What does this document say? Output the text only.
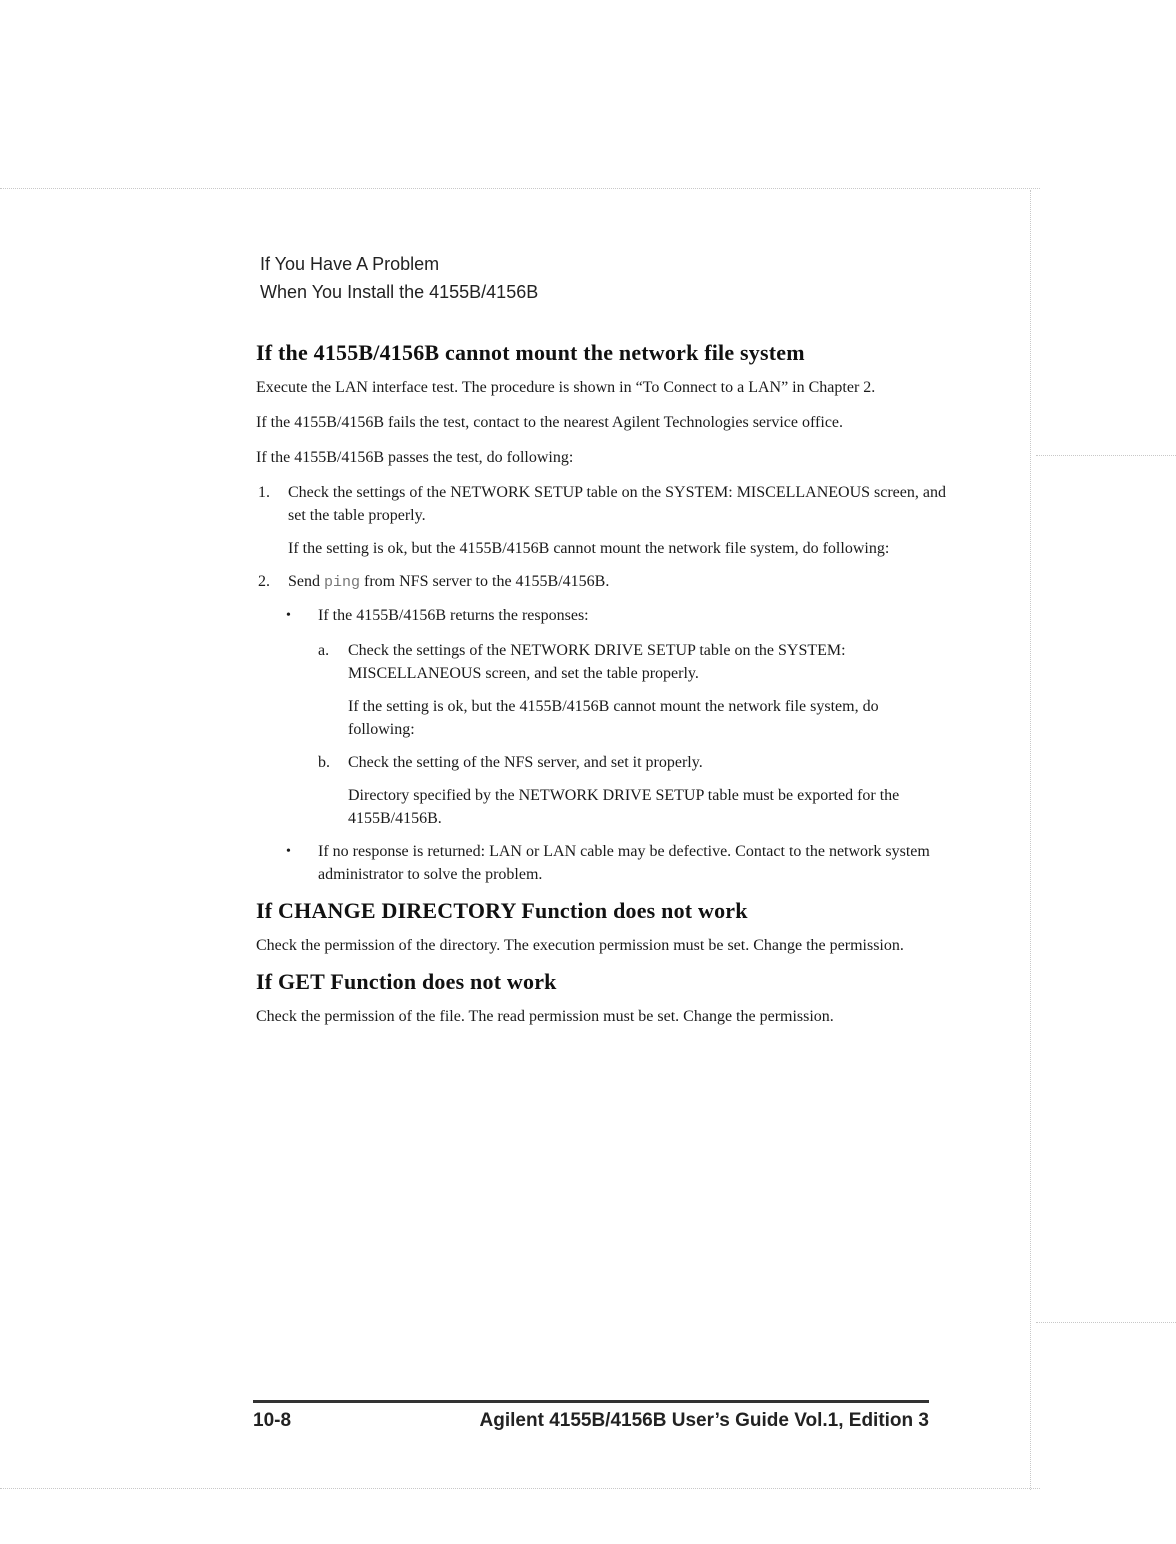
If You Have A Problem
When You Install the 4155B/4156B
If the 4155B/4156B cannot mount the network file system

Execute the LAN interface test. The procedure is shown in “To Connect to a LAN” in Chapter 2.

If the 4155B/4156B fails the test, contact to the nearest Agilent Technologies service office.

If the 4155B/4156B passes the test, do following:

1. Check the settings of the NETWORK SETUP table on the SYSTEM: MISCELLANEOUS screen, and set the table properly.

If the setting is ok, but the 4155B/4156B cannot mount the network file system, do following:

2. Send ping from NFS server to the 4155B/4156B.

• If the 4155B/4156B returns the responses:

a. Check the settings of the NETWORK DRIVE SETUP table on the SYSTEM: MISCELLANEOUS screen, and set the table properly.

If the setting is ok, but the 4155B/4156B cannot mount the network file system, do following:

b. Check the setting of the NFS server, and set it properly.

Directory specified by the NETWORK DRIVE SETUP table must be exported for the 4155B/4156B.

• If no response is returned: LAN or LAN cable may be defective. Contact to the network system administrator to solve the problem.

If CHANGE DIRECTORY Function does not work

Check the permission of the directory. The execution permission must be set. Change the permission.

If GET Function does not work

Check the permission of the file. The read permission must be set. Change the permission.

10-8	Agilent 4155B/4156B User’s Guide Vol.1, Edition 3
